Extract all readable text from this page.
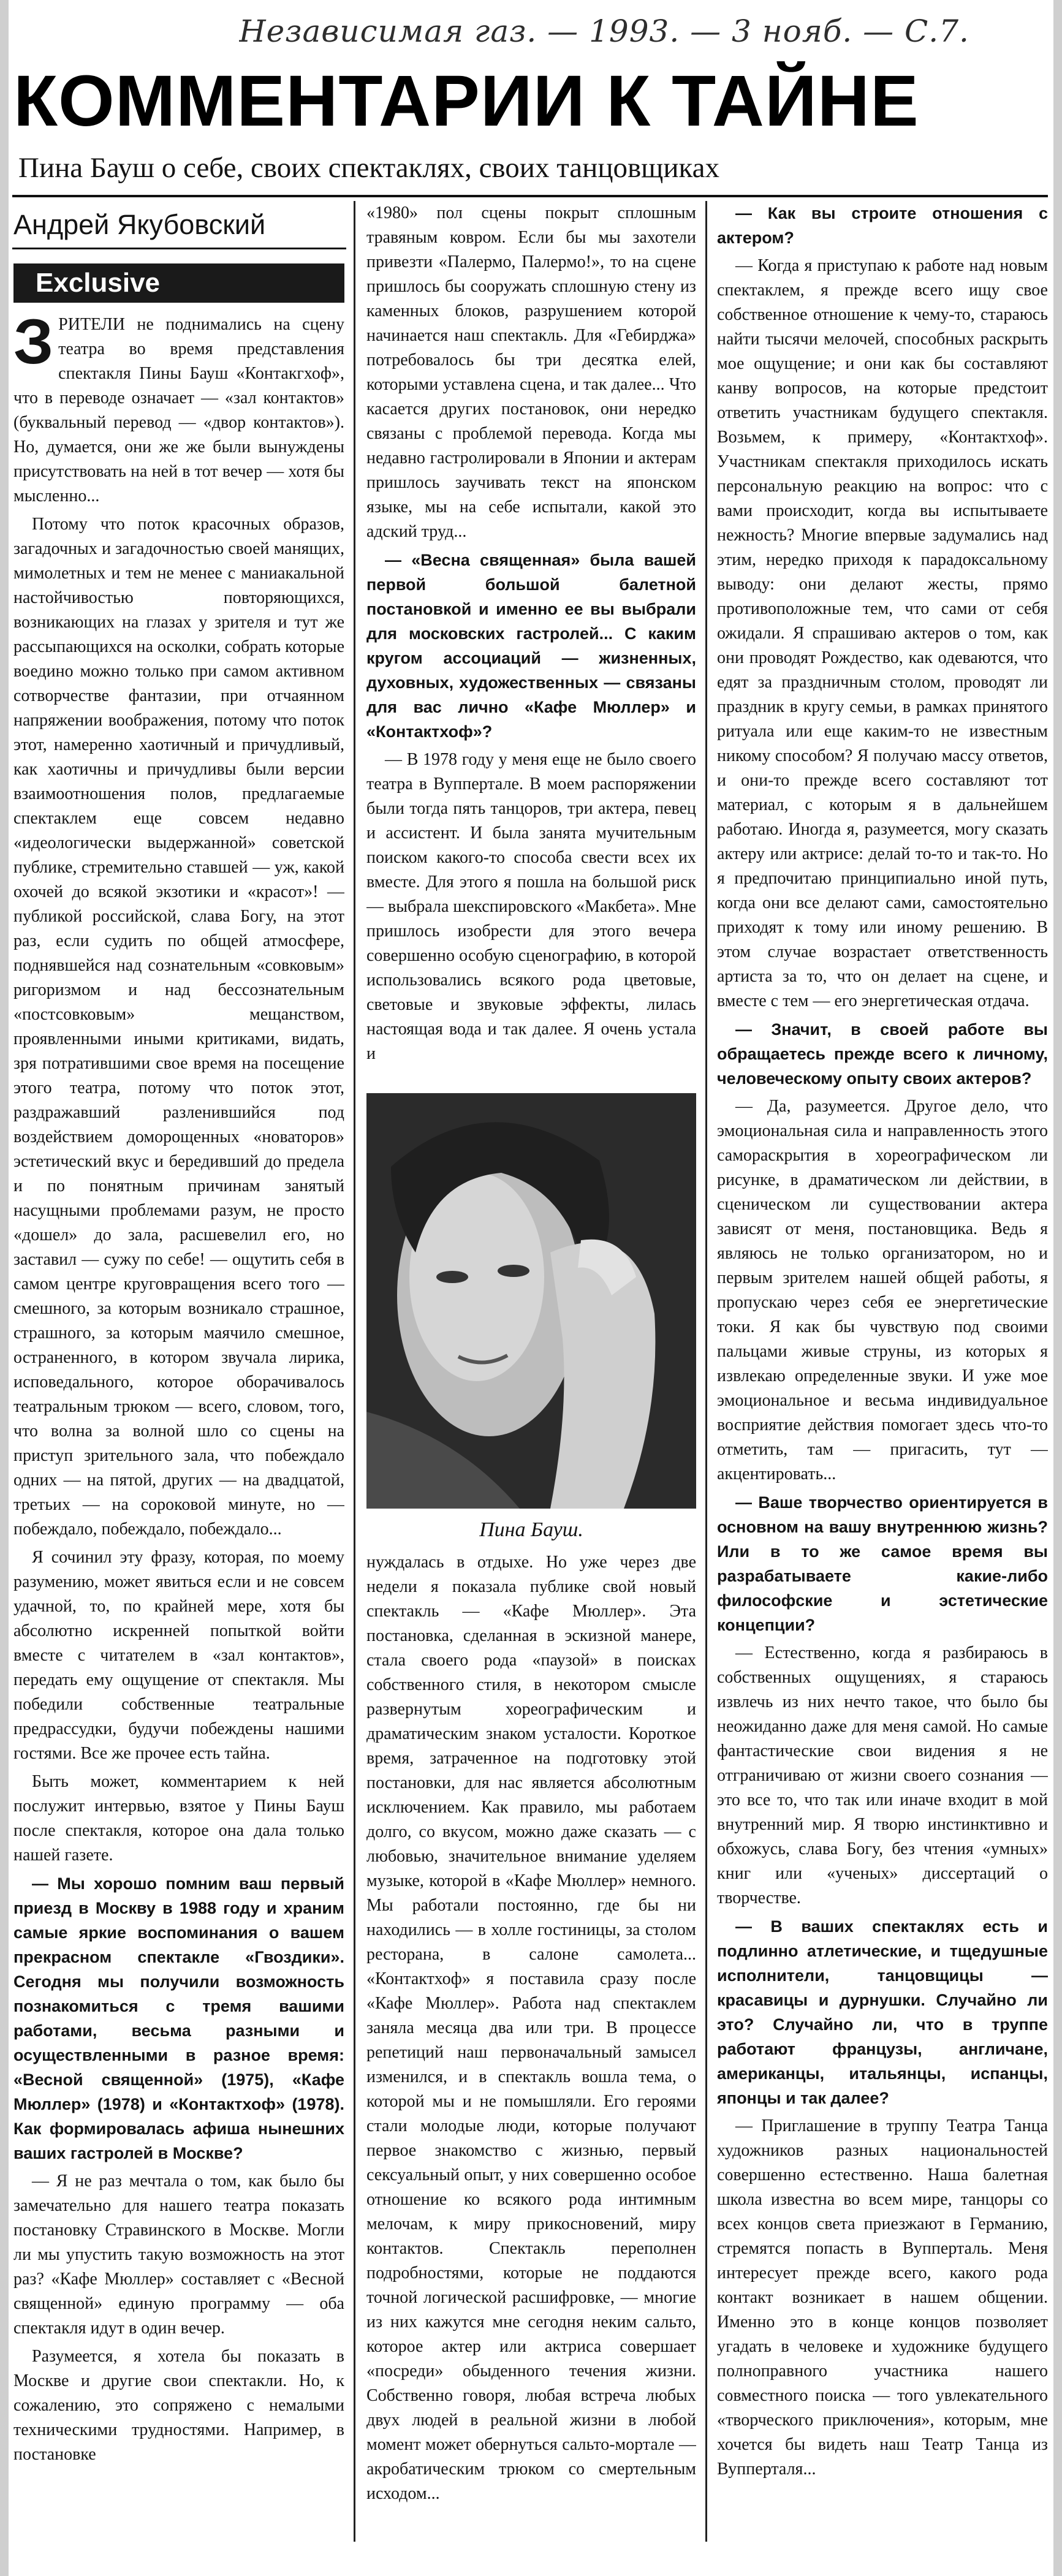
Независимая газ. — 1993. — 3 нояб. — С.7.
КОММЕНТАРИИ К ТАЙНЕ
Пина Бауш о себе, своих спектаклях, своих танцовщиках
Андрей Якубовский
Exclusive

ЗРИТЕЛИ не поднимались на сцену театра во время представления спектакля Пины Бауш «Контакгхоф», что в переводе означает — «зал контактов» (буквальный перевод — «двор контактов»). Но, думается, они же же были вынуждены присутствовать на ней в тот вечер — хотя бы мысленно...

Потому что поток красочных образов, загадочных и загадочностью своей манящих, мимолетных и тем не менее с маниакальной настойчивостью повторяющихся, возникающих на глазах у зрителя и тут же рассыпающихся на осколки, собрать которые воедино можно только при самом активном сотворчестве фантазии, при отчаянном напряжении воображения, потому что поток этот, намеренно хаотичный и причудливый, как хаотичны и причудливы были версии взаимоотношения полов, предлагаемые спектаклем еще совсем недавно «идеологически выдержанной» советской публике, стремительно ставшей — уж, какой охочей до всякой экзотики и «красот»! — публикой российской, слава Богу, на этот раз, если судить по общей атмосфере, поднявшейся над сознательным «совковым» ригоризмом и над бессознательным «постсовковым» мещанством, проявленными иными критиками, видать, зря потратившими свое время на посещение этого театра, потому что поток этот, раздражавший разленившийся под воздействием доморощенных «новаторов» эстетический вкус и бередивший до предела и по понятным причинам занятый насущными проблемами разум, не просто «дошел» до зала, расшевелил его, но заставил — сужу по себе! — ощутить себя в самом центре круговращения всего того — смешного, за которым возникало страшное, страшного, за которым маячило смешное, остраненного, в котором звучала лирика, исповедального, которое оборачивалось театральным трюком — всего, словом, того, что волна за волной шло со сцены на приступ зрительного зала, что побеждало одних — на пятой, других — на двадцатой, третьих — на сороковой минуте, но — побеждало, побеждало, побеждало...

Я сочинил эту фразу, которая, по моему разумению, может явиться если и не совсем удачной, то, по крайней мере, хотя бы абсолютно искренней попыткой войти вместе с читателем в «зал контактов», передать ему ощущение от спектакля. Мы победили собственные театральные предрассудки, будучи побеждены нашими гостями. Все же прочее есть тайна.

Быть может, комментарием к ней послужит интервью, взятое у Пины Бауш после спектакля, которое она дала только нашей газете.

— Мы хорошо помним ваш первый приезд в Москву в 1988 году и храним самые яркие воспоминания о вашем прекрасном спектакле «Гвоздики». Сегодня мы получили возможность познакомиться с тремя вашими работами, весьма разными и осуществленными в разное время: «Весной священной» (1975), «Кафе Мюллер» (1978) и «Контактхоф» (1978). Как формировалась афиша нынешних ваших гастролей в Москве?

— Я не раз мечтала о том, как было бы замечательно для нашего театра показать постановку Стравинского в Москве. Могли ли мы упустить такую возможность на этот раз? «Кафе Мюллер» составляет с «Весной священной» единую программу — оба спектакля идут в один вечер.

Разумеется, я хотела бы показать в Москве и другие свои спектакли. Но, к сожалению, это сопряжено с немалыми техническими трудностями. Например, в постановке

«1980» пол сцены покрыт сплошным травяным ковром. Если бы мы захотели привезти «Палермо, Палермо!», то на сцене пришлось бы сооружать сплошную стену из каменных блоков, разрушением которой начинается наш спектакль. Для «Гебирджа» потребовалось бы три десятка елей, которыми уставлена сцена, и так далее... Что касается других постановок, они нередко связаны с проблемой перевода. Когда мы недавно гастролировали в Японии и актерам пришлось заучивать текст на японском языке, мы на себе испытали, какой это адский труд...

— «Весна священная» была вашей первой большой балетной постановкой и именно ее вы выбрали для московских гастролей... С каким кругом ассоциаций — жизненных, духовных, художественных — связаны для вас лично «Кафе Мюллер» и «Контактхоф»?

— В 1978 году у меня еще не было своего театра в Вуппертале. В моем распоряжении были тогда пять танцоров, три актера, певец и ассистент. И была занята мучительным поиском какого-то способа свести всех их вместе. Для этого я пошла на большой риск — выбрала шекспировского «Макбета». Мне пришлось изобрести для этого вечера совершенно особую сценографию, в которой использовались всякого рода цветовые, световые и звуковые эффекты, лилась настоящая вода и так далее. Я очень устала и

Пина Бауш.

нуждалась в отдыхе. Но уже через две недели я показала публике свой новый спектакль — «Кафе Мюллер». Эта постановка, сделанная в эскизной манере, стала своего рода «паузой» в поисках собственного стиля, в некотором смысле развернутым хореографическим и драматическим знаком усталости. Короткое время, затраченное на подготовку этой постановки, для нас является абсолютным исключением. Как правило, мы работаем долго, со вкусом, можно даже сказать — с любовью, значительное внимание уделяем музыке, которой в «Кафе Мюллер» немного. Мы работали постоянно, где бы ни находились — в холле гостиницы, за столом ресторана, в салоне самолета... «Контактхоф» я поставила сразу после «Кафе Мюллер». Работа над спектаклем заняла месяца два или три. В процессе репетиций наш первоначальный замысел изменился, и в спектакль вошла тема, о которой мы и не помышляли. Его героями стали молодые люди, которые получают первое знакомство с жизнью, первый сексуальный опыт, у них совершенно особое отношение ко всякого рода интимным мелочам, к миру прикосновений, миру контактов. Спектакль переполнен подробностями, которые не поддаются точной логической расшифровке, — многие из них кажутся мне сегодня неким сальто, которое актер или актриса совершает «посреди» обыденного течения жизни. Собственно говоря, любая встреча любых двух людей в реальной жизни в любой момент может обернуться сальто-мортале — акробатическим трюком со смертельным исходом...

— Как вы строите отношения с актером?

— Когда я приступаю к работе над новым спектаклем, я прежде всего ищу свое собственное отношение к чему-то, стараюсь найти тысячи мелочей, способных раскрыть мое ощущение; и они как бы составляют канву вопросов, на которые предстоит ответить участникам будущего спектакля. Возьмем, к примеру, «Контактхоф». Участникам спектакля приходилось искать персональную реакцию на вопрос: что с вами происходит, когда вы испытываете нежность? Многие впервые задумались над этим, нередко приходя к парадоксальному выводу: они делают жесты, прямо противоположные тем, что сами от себя ожидали. Я спрашиваю актеров о том, как они проводят Рождество, как одеваются, что едят за праздничным столом, проводят ли праздник в кругу семьи, в рамках принятого ритуала или еще каким-то не известным никому способом? Я получаю массу ответов, и они-то прежде всего составляют тот материал, с которым я в дальнейшем работаю. Иногда я, разумеется, могу сказать актеру или актрисе: делай то-то и так-то. Но я предпочитаю принципиально иной путь, когда они все делают сами, самостоятельно приходят к тому или иному решению. В этом случае возрастает ответственность артиста за то, что он делает на сцене, и вместе с тем — его энергетическая отдача.

— Значит, в своей работе вы обращаетесь прежде всего к личному, человеческому опыту своих актеров?

— Да, разумеется. Другое дело, что эмоциональная сила и направленность этого самораскрытия в хореографическом ли рисунке, в драматическом ли действии, в сценическом ли существовании актера зависят от меня, постановщика. Ведь я являюсь не только организатором, но и первым зрителем нашей общей работы, я пропускаю через себя ее энергетические токи. Я как бы чувствую под своими пальцами живые струны, из которых я извлекаю определенные звуки. И уже мое эмоциональное и весьма индивидуальное восприятие действия помогает здесь что-то отметить, там — пригасить, тут — акцентировать...

— Ваше творчество ориентируется в основном на вашу внутреннюю жизнь? Или в то же самое время вы разрабатываете какие-либо философские и эстетические концепции?

— Естественно, когда я разбираюсь в собственных ощущениях, я стараюсь извлечь из них нечто такое, что было бы неожиданно даже для меня самой. Но самые фантастические свои видения я не отграничиваю от жизни своего сознания — это все то, что так или иначе входит в мой внутренний мир. Я творю инстинктивно и обхожусь, слава Богу, без чтения «умных» книг или «ученых» диссертаций о творчестве.

— В ваших спектаклях есть и подлинно атлетические, и тщедушные исполнители, танцовщицы — красавицы и дурнушки. Случайно ли это? Случайно ли, что в труппе работают французы, англичане, американцы, итальянцы, испанцы, японцы и так далее?

— Приглашение в труппу Театра Танца художников разных национальностей совершенно естественно. Наша балетная школа известна во всем мире, танцоры со всех концов света приезжают в Германию, стремятся попасть в Вупперталь. Меня интересует прежде всего, какого рода контакт возникает в нашем общении. Именно это в конце концов позволяет угадать в человеке и художнике будущего полноправного участника нашего совместного поиска — того увлекательного «творческого приключения», которым, мне хочется бы видеть наш Театр Танца из Вупперталя...
